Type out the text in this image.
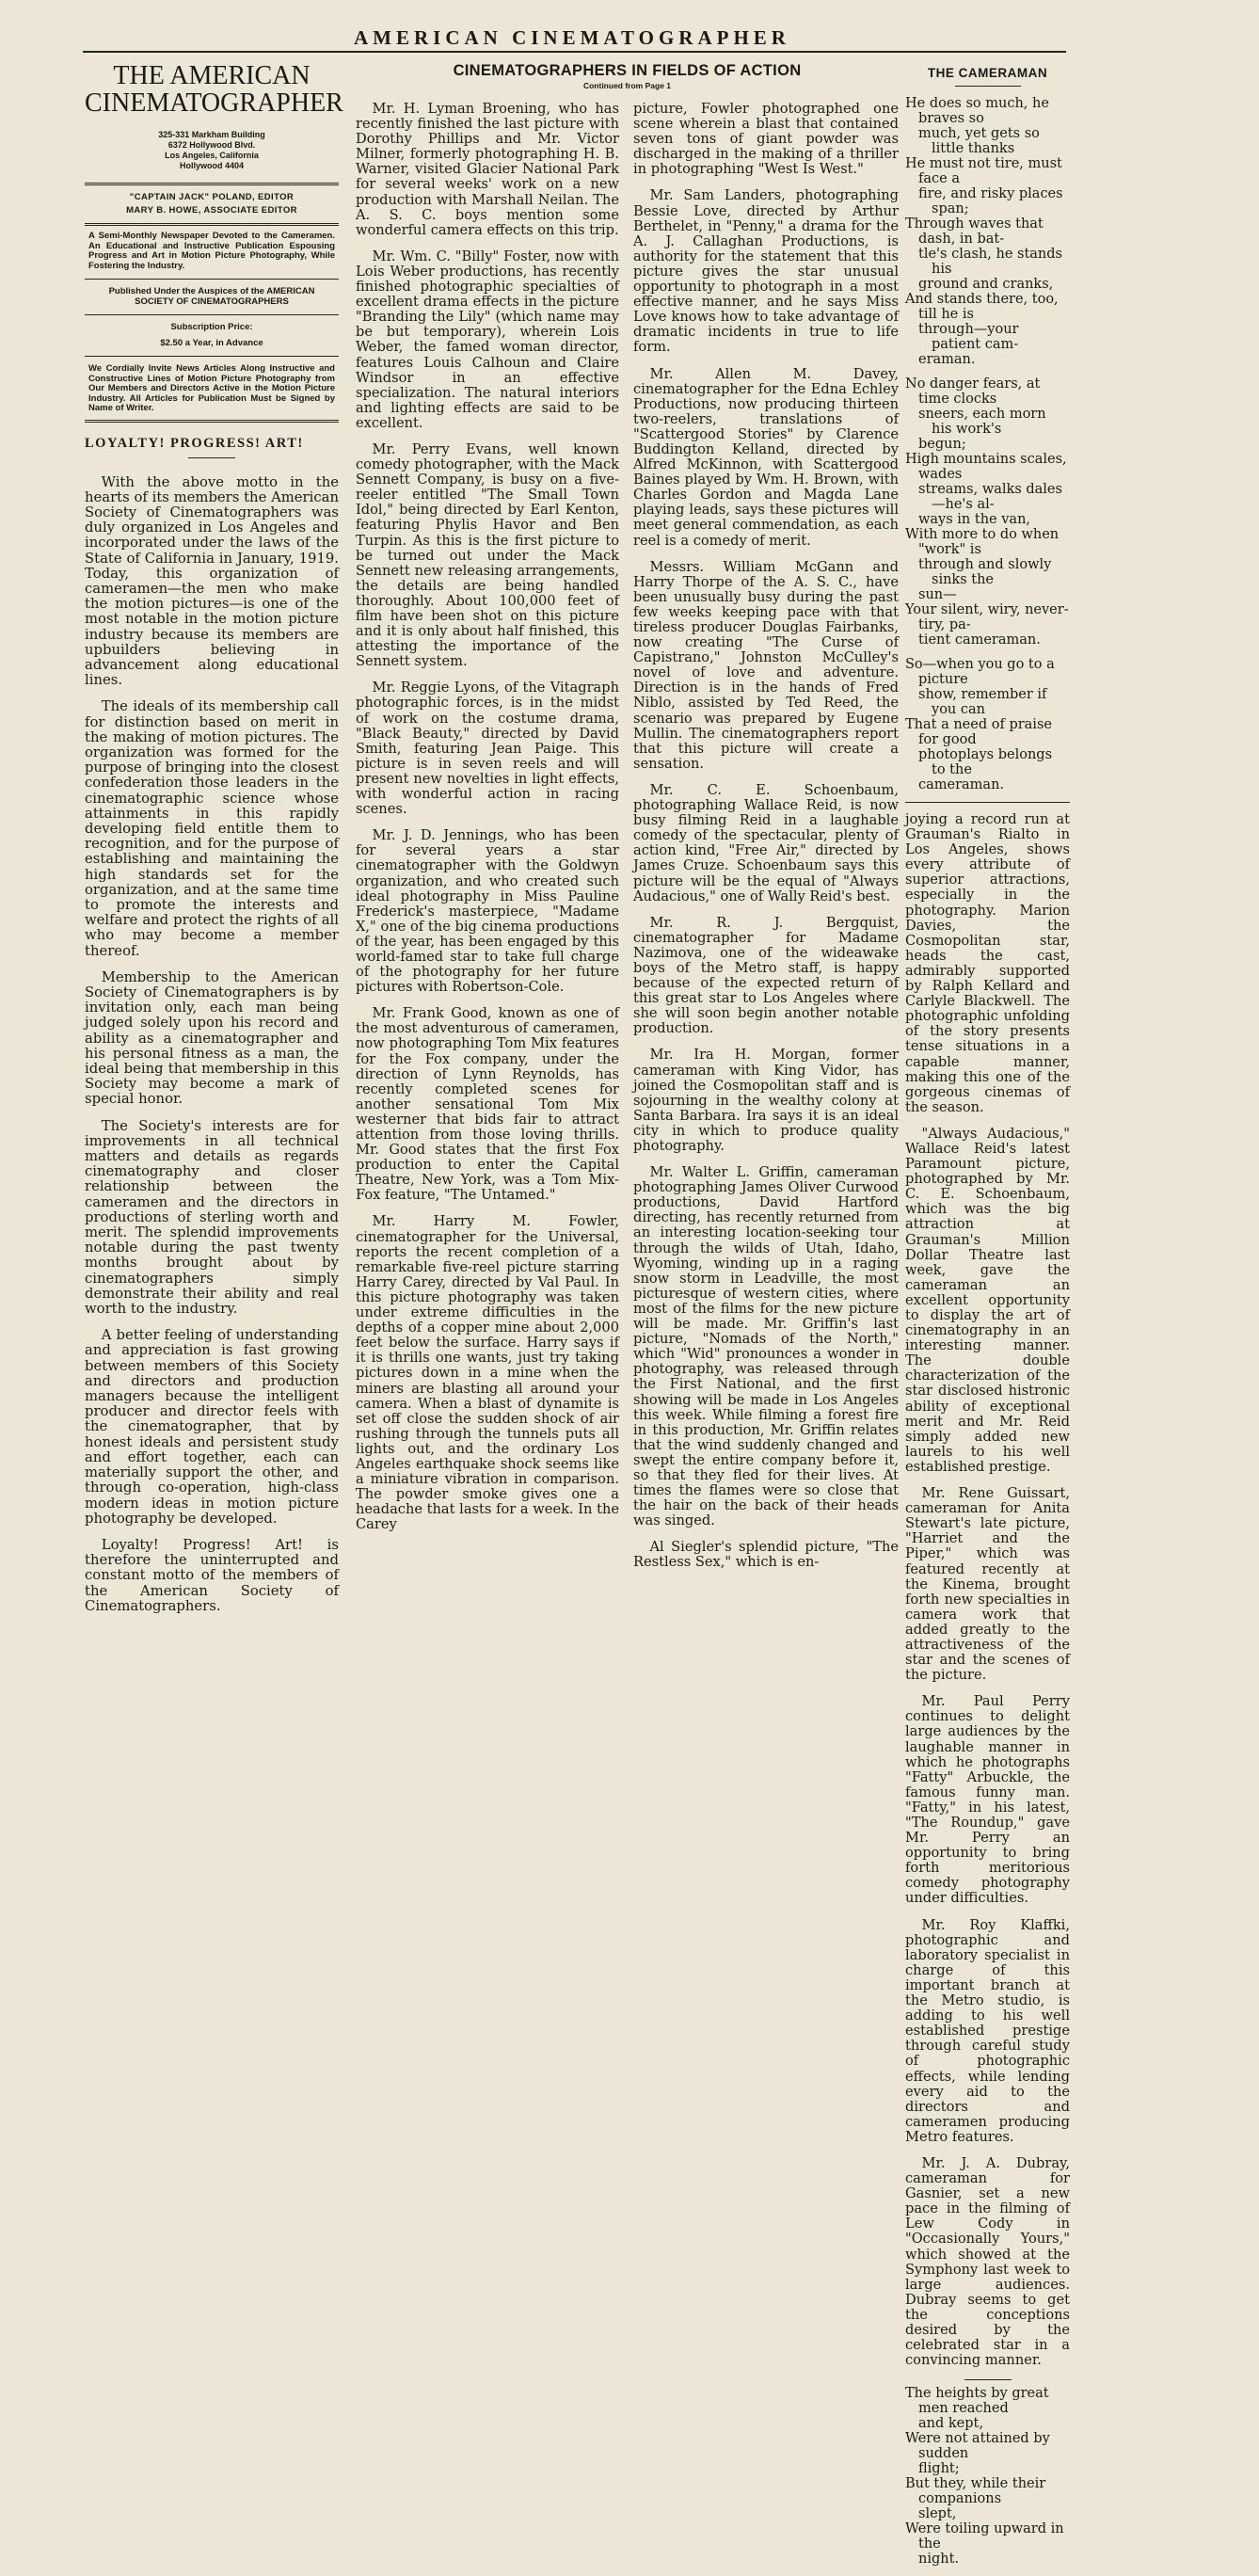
AMERICAN CINEMATOGRAPHER
THE AMERICAN CINEMATOGRAPHER
325-331 Markham Building
6372 Hollywood Blvd.
Los Angeles, California
Hollywood 4404
"CAPTAIN JACK" POLAND, EDITOR
MARY B. HOWE, ASSOCIATE EDITOR
A Semi-Monthly Newspaper Devoted to the Cameramen. An Educational and Instructive Publication Espousing Progress and Art in Motion Picture Photography, While Fostering the Industry.
Published Under the Auspices of the AMERICAN SOCIETY OF CINEMATOGRAPHERS
Subscription Price:
$2.50 a Year, in Advance
We Cordially Invite News Articles Along Instructive and Constructive Lines of Motion Picture Photography from Our Members and Directors Active in the Motion Picture Industry. All Articles for Publication Must be Signed by Name of Writer.
LOYALTY! PROGRESS! ART!

With the above motto in the hearts of its members the American Society of Cinematographers was duly organized in Los Angeles and incorporated under the laws of the State of California in January, 1919. Today, this organization of cameramen—the men who make the motion pictures—is one of the most notable in the motion picture industry because its members are upbuilders believing in advancement along educational lines.

The ideals of its membership call for distinction based on merit in the making of motion pictures. The organization was formed for the purpose of bringing into the closest confederation those leaders in the cinematographic science whose attainments in this rapidly developing field entitle them to recognition, and for the purpose of establishing and maintaining the high standards set for the organization, and at the same time to promote the interests and welfare and protect the rights of all who may become a member thereof.

Membership to the American Society of Cinematographers is by invitation only, each man being judged solely upon his record and ability as a cinematographer and his personal fitness as a man, the ideal being that membership in this Society may become a mark of special honor.

The Society's interests are for improvements in all technical matters and details as regards cinematography and closer relationship between the cameramen and the directors in productions of sterling worth and merit. The splendid improvements notable during the past twenty months brought about by cinematographers simply demonstrate their ability and real worth to the industry.

A better feeling of understanding and appreciation is fast growing between members of this Society and directors and production managers because the intelligent producer and director feels with the cinematographer, that by honest ideals and persistent study and effort together, each can materially support the other, and through co-operation, high-class modern ideas in motion picture photography be developed.

Loyalty! Progress! Art! is therefore the uninterrupted and constant motto of the members of the American Society of Cinematographers.

CINEMATOGRAPHERS IN FIELDS OF ACTION
Continued from Page 1

Mr. H. Lyman Broening, who has recently finished the last picture with Dorothy Phillips and Mr. Victor Milner, formerly photographing H. B. Warner, visited Glacier National Park for several weeks' work on a new production with Marshall Neilan. The A. S. C. boys mention some wonderful camera effects on this trip.

Mr. Wm. C. "Billy" Foster, now with Lois Weber productions, has recently finished photographic specialties of excellent drama effects in the picture "Branding the Lily" (which name may be but temporary), wherein Lois Weber, the famed woman director, features Louis Calhoun and Claire Windsor in an effective specialization. The natural interiors and lighting effects are said to be excellent.

Mr. Perry Evans, well known comedy photographer, with the Mack Sennett Company, is busy on a five-reeler entitled "The Small Town Idol," being directed by Earl Kenton, featuring Phylis Havor and Ben Turpin. As this is the first picture to be turned out under the Mack Sennett new releasing arrangements, the details are being handled thoroughly. About 100,000 feet of film have been shot on this picture and it is only about half finished, this attesting the importance of the Sennett system.

Mr. Reggie Lyons, of the Vitagraph photographic forces, is in the midst of work on the costume drama, "Black Beauty," directed by David Smith, featuring Jean Paige. This picture is in seven reels and will present new novelties in light effects, with wonderful action in racing scenes.

Mr. J. D. Jennings, who has been for several years a star cinematographer with the Goldwyn organization, and who created such ideal photography in Miss Pauline Frederick's masterpiece, "Madame X," one of the big cinema productions of the year, has been engaged by this world-famed star to take full charge of the photography for her future pictures with Robertson-Cole.

Mr. Frank Good, known as one of the most adventurous of cameramen, now photographing Tom Mix features for the Fox company, under the direction of Lynn Reynolds, has recently completed scenes for another sensational Tom Mix westerner that bids fair to attract attention from those loving thrills. Mr. Good states that the first Fox production to enter the Capital Theatre, New York, was a Tom Mix-Fox feature, "The Untamed."

Mr. Harry M. Fowler, cinematographer for the Universal, reports the recent completion of a remarkable five-reel picture starring Harry Carey, directed by Val Paul. In this picture photography was taken under extreme difficulties in the depths of a copper mine about 2,000 feet below the surface. Harry says if it is thrills one wants, just try taking pictures down in a mine when the miners are blasting all around your camera. When a blast of dynamite is set off close the sudden shock of air rushing through the tunnels puts all lights out, and the ordinary Los Angeles earthquake shock seems like a miniature vibration in comparison. The powder smoke gives one a headache that lasts for a week. In the Carey

picture, Fowler photographed one scene wherein a blast that contained seven tons of giant powder was discharged in the making of a thriller in photographing "West Is West."

Mr. Sam Landers, photographing Bessie Love, directed by Arthur Berthelet, in "Penny," a drama for the A. J. Callaghan Productions, is authority for the statement that this picture gives the star unusual opportunity to photograph in a most effective manner, and he says Miss Love knows how to take advantage of dramatic incidents in true to life form.

Mr. Allen M. Davey, cinematographer for the Edna Echley Productions, now producing thirteen two-reelers, translations of "Scattergood Stories" by Clarence Buddington Kelland, directed by Alfred McKinnon, with Scattergood Baines played by Wm. H. Brown, with Charles Gordon and Magda Lane playing leads, says these pictures will meet general commendation, as each reel is a comedy of merit.

Messrs. William McGann and Harry Thorpe of the A. S. C., have been unusually busy during the past few weeks keeping pace with that tireless producer Douglas Fairbanks, now creating "The Curse of Capistrano," Johnston McCulley's novel of love and adventure. Direction is in the hands of Fred Niblo, assisted by Ted Reed, the scenario was prepared by Eugene Mullin. The cinematographers report that this picture will create a sensation.

Mr. C. E. Schoenbaum, photographing Wallace Reid, is now busy filming Reid in a laughable comedy of the spectacular, plenty of action kind, "Free Air," directed by James Cruze. Schoenbaum says this picture will be the equal of "Always Audacious," one of Wally Reid's best.

Mr. R. J. Bergquist, cinematographer for Madame Nazimova, one of the wideawake boys of the Metro staff, is happy because of the expected return of this great star to Los Angeles where she will soon begin another notable production.

Mr. Ira H. Morgan, former cameraman with King Vidor, has joined the Cosmopolitan staff and is sojourning in the wealthy colony at Santa Barbara. Ira says it is an ideal city in which to produce quality photography.

Mr. Walter L. Griffin, cameraman photographing James Oliver Curwood productions, David Hartford directing, has recently returned from an interesting location-seeking tour through the wilds of Utah, Idaho, Wyoming, winding up in a raging snow storm in Leadville, the most picturesque of western cities, where most of the films for the new picture will be made. Mr. Griffin's last picture, "Nomads of the North," which "Wid" pronounces a wonder in photography, was released through the First National, and the first showing will be made in Los Angeles this week. While filming a forest fire in this production, Mr. Griffin relates that the wind suddenly changed and swept the entire company before it, so that they fled for their lives. At times the flames were so close that the hair on the back of their heads was singed.

Al Siegler's splendid picture, "The Restless Sex," which is en-

THE CAMERAMAN
He does so much, he braves so
much, yet gets so little thanks
He must not tire, must face a
fire, and risky places span;
Through waves that dash, in bat-
tle's clash, he stands his
ground and cranks,
And stands there, too, till he is
through—your patient cam-
eraman.
No danger fears, at time clocks
sneers, each morn his work's
begun;
High mountains scales, wades
streams, walks dales—he's al-
ways in the van,
With more to do when "work" is
through and slowly sinks the
sun—
Your silent, wiry, never-tiry, pa-
tient cameraman.
So—when you go to a picture
show, remember if you can
That a need of praise for good
photoplays belongs to the
cameraman.

joying a record run at Grauman's Rialto in Los Angeles, shows every attribute of superior attractions, especially in the photography. Marion Davies, the Cosmopolitan star, heads the cast, admirably supported by Ralph Kellard and Carlyle Blackwell. The photographic unfolding of the story presents tense situations in a capable manner, making this one of the gorgeous cinemas of the season.

"Always Audacious," Wallace Reid's latest Paramount picture, photographed by Mr. C. E. Schoenbaum, which was the big attraction at Grauman's Million Dollar Theatre last week, gave the cameraman an excellent opportunity to display the art of cinematography in an interesting manner. The double characterization of the star disclosed histronic ability of exceptional merit and Mr. Reid simply added new laurels to his well established prestige.

Mr. Rene Guissart, cameraman for Anita Stewart's late picture, "Harriet and the Piper," which was featured recently at the Kinema, brought forth new specialties in camera work that added greatly to the attractiveness of the star and the scenes of the picture.

Mr. Paul Perry continues to delight large audiences by the laughable manner in which he photographs "Fatty" Arbuckle, the famous funny man. "Fatty," in his latest, "The Roundup," gave Mr. Perry an opportunity to bring forth meritorious comedy photography under difficulties.

Mr. Roy Klaffki, photographic and laboratory specialist in charge of this important branch at the Metro studio, is adding to his well established prestige through careful study of photographic effects, while lending every aid to the directors and cameramen producing Metro features.

Mr. J. A. Dubray, cameraman for Gasnier, set a new pace in the filming of Lew Cody in "Occasionally Yours," which showed at the Symphony last week to large audiences. Dubray seems to get the conceptions desired by the celebrated star in a convincing manner.

The heights by great men reached
and kept,
Were not attained by sudden
flight;
But they, while their companions
slept,
Were toiling upward in the
night.
